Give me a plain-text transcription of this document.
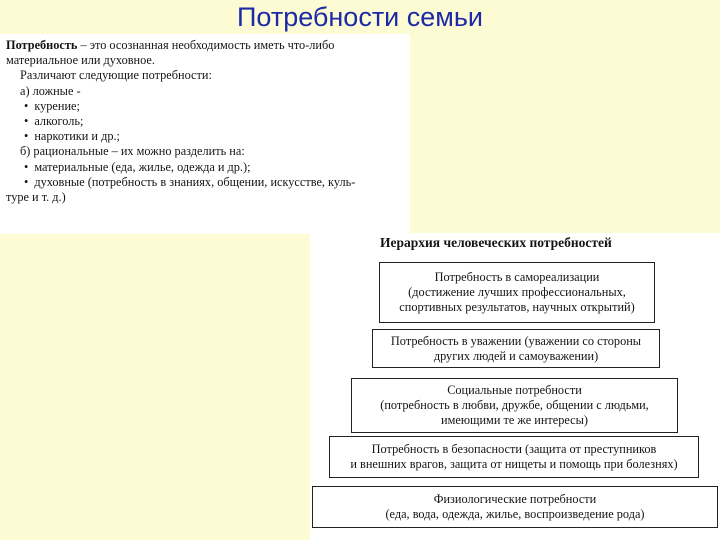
Потребности семьи
Потребность – это осознанная необходимость иметь что-либо
материальное или духовное.
Различают следующие потребности:
а) ложные -
• курение;
• алкоголь;
• наркотики и др.;
б) рациональные – их можно разделить на:
• материальные (еда, жилье, одежда и др.);
• духовные (потребность в знаниях, общении, искусстве, куль-
туре и т. д.)
Иерархия человеческих потребностей
Потребность в самореализации
(достижение лучших профессиональных,
спортивных результатов, научных открытий)
Потребность в уважении (уважении со стороны
других людей и самоуважении)
Социальные потребности
(потребность в любви, дружбе, общении с людьми,
имеющими те же интересы)
Потребность в безопасности (защита от преступников
и внешних врагов, защита от нищеты и помощь при болезнях)
Физиологические потребности
(еда, вода, одежда, жилье, воспроизведение рода)
